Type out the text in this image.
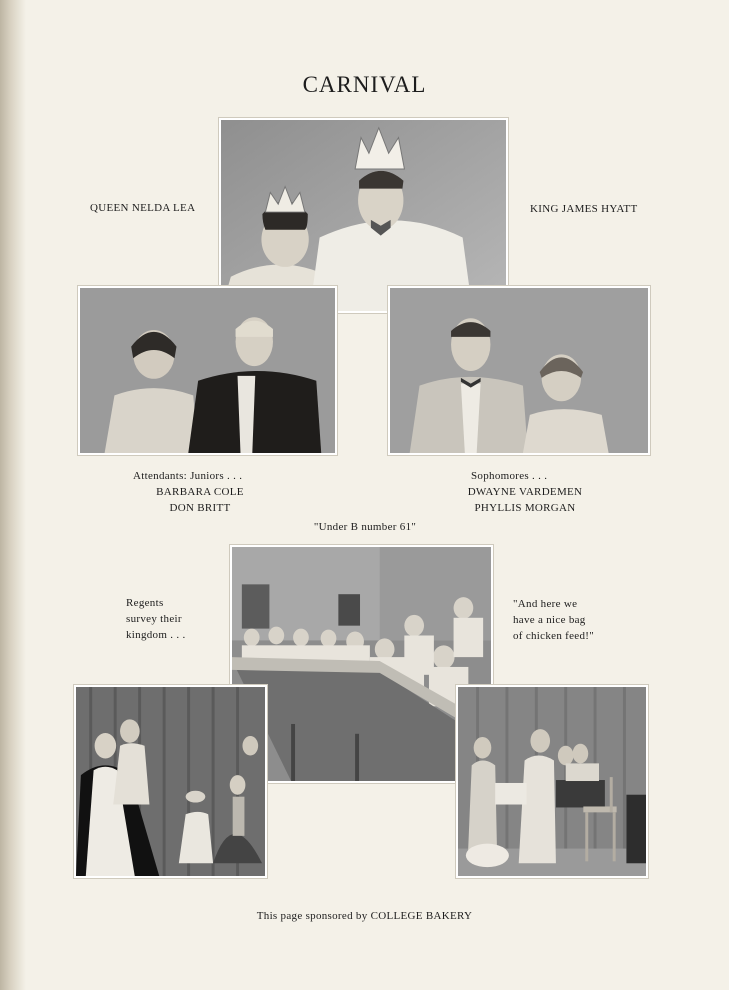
CARNIVAL
QUEEN NELDA LEA	KING JAMES HYATT
Attendants: Juniors . . .
BARBARA COLE
DON BRITT
Sophomores . . .
DWAYNE VARDEMEN
PHYLLIS MORGAN
"Under B number 61"
Regents
survey their
kingdom . . .
"And here we
have a nice bag
of chicken feed!"
This page sponsored by COLLEGE BAKERY
